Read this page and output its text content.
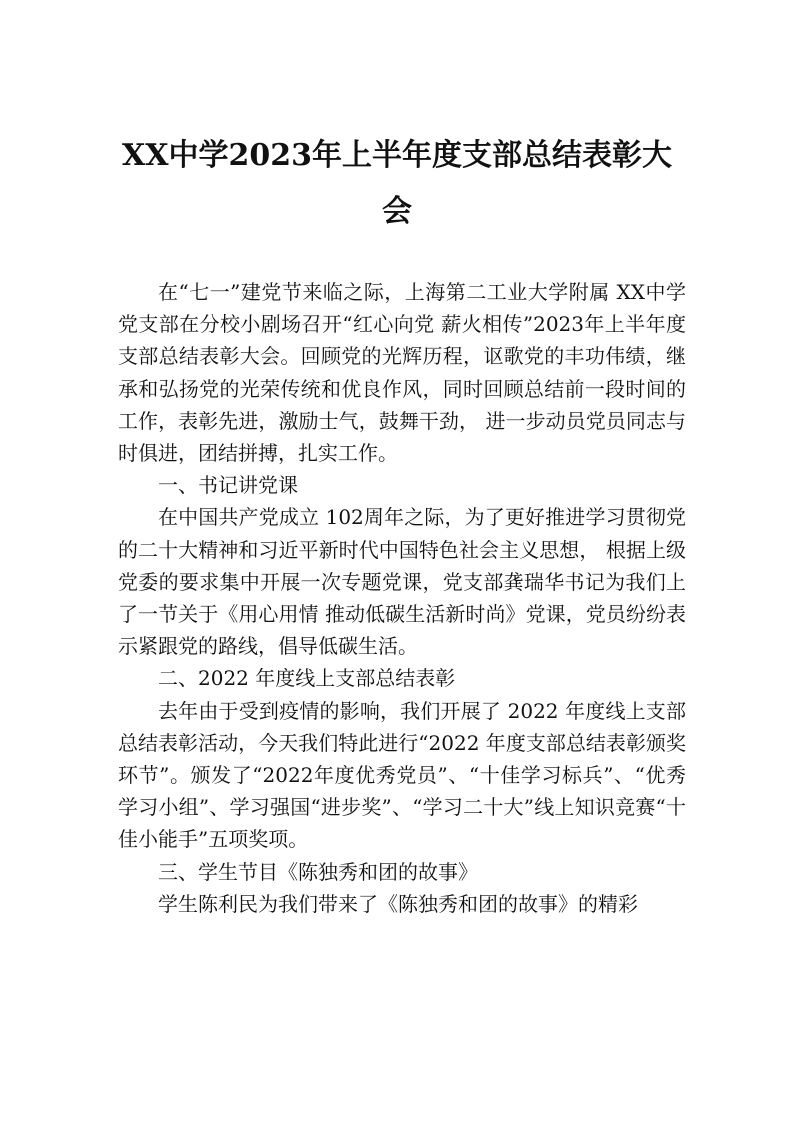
XX中学2023年上半年度支部总结表彰大
会

在“七一”建党节来临之际，上海第二工业大学附属 XX中学党支部在分校小剧场召开“红心向党 薪火相传”2023年上半年度支部总结表彰大会。回顾党的光辉历程，讴歌党的丰功伟绩，继承和弘扬党的光荣传统和优良作风，同时回顾总结前一段时间的工作，表彰先进，激励士气，鼓舞干劲， 进一步动员党员同志与时俱进，团结拼搏，扎实工作。

一、书记讲党课

在中国共产党成立 102周年之际，为了更好推进学习贯彻党的二十大精神和习近平新时代中国特色社会主义思想， 根据上级党委的要求集中开展一次专题党课，党支部龚瑞华书记为我们上了一节关于《用心用情 推动低碳生活新时尚》党课，党员纷纷表示紧跟党的路线，倡导低碳生活。

二、2022 年度线上支部总结表彰

去年由于受到疫情的影响，我们开展了 2022 年度线上支部总结表彰活动，今天我们特此进行“2022 年度支部总结表彰颁奖环节”。颁发了“2022年度优秀党员”、“十佳学习标兵”、“优秀学习小组”、学习强国“进步奖”、“学习二十大”线上知识竞赛“十佳小能手”五项奖项。

三、学生节目《陈独秀和团的故事》

学生陈利民为我们带来了《陈独秀和团的故事》的精彩
